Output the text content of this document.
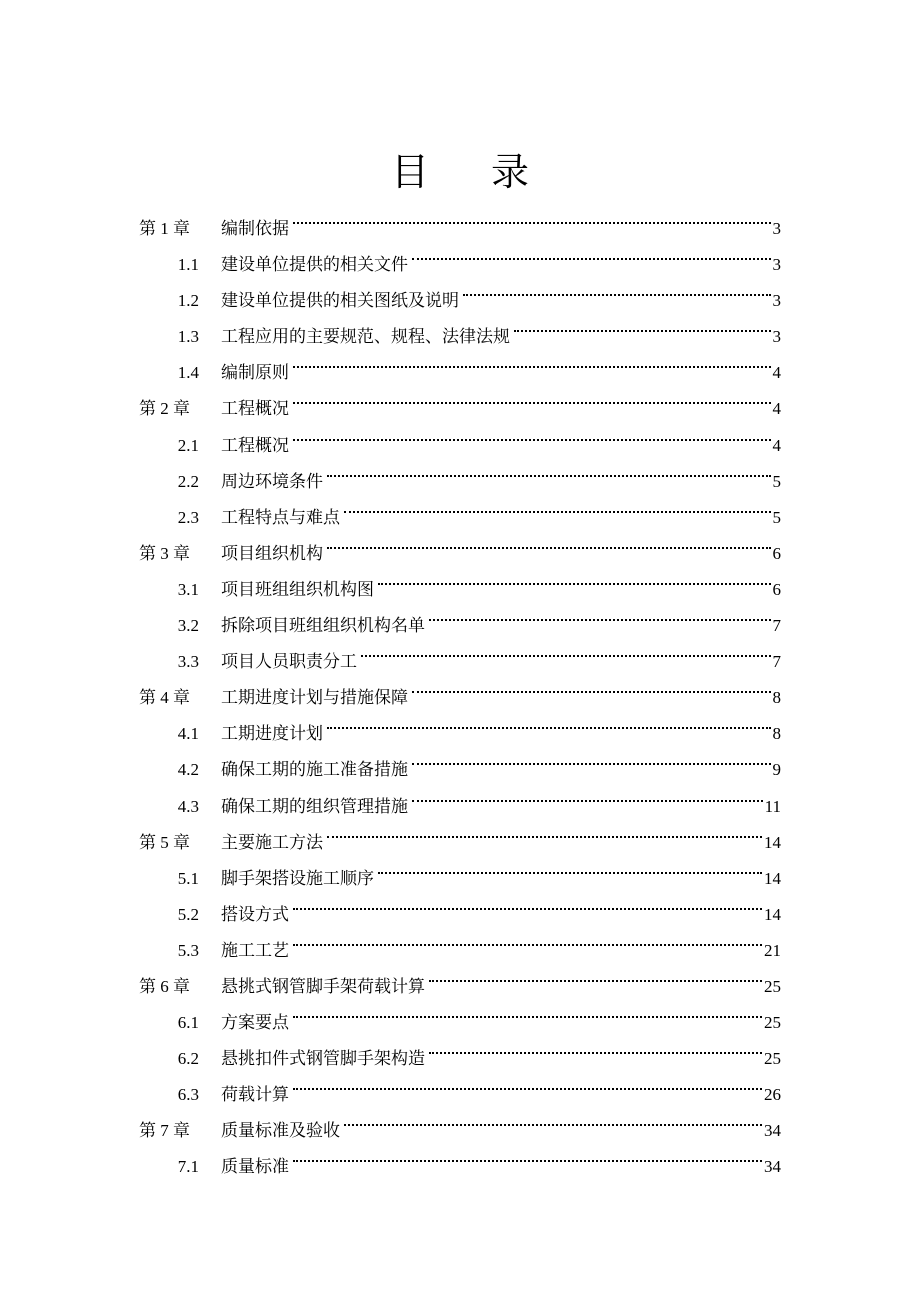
目 录
第 1 章	编制依据	3
1.1	建设单位提供的相关文件	3
1.2	建设单位提供的相关图纸及说明	3
1.3	工程应用的主要规范、规程、法律法规	3
1.4	编制原则	4
第 2 章	工程概况	4
2.1	工程概况	4
2.2	周边环境条件	5
2.3	工程特点与难点	5
第 3 章	项目组织机构	6
3.1	项目班组组织机构图	6
3.2	拆除项目班组组织机构名单	7
3.3	项目人员职责分工	7
第 4 章	工期进度计划与措施保障	8
4.1	工期进度计划	8
4.2	确保工期的施工准备措施	9
4.3	确保工期的组织管理措施	11
第 5 章	主要施工方法	14
5.1	脚手架搭设施工顺序	14
5.2	搭设方式	14
5.3	施工工艺	21
第 6 章	悬挑式钢管脚手架荷载计算	25
6.1	方案要点	25
6.2	悬挑扣件式钢管脚手架构造	25
6.3	荷载计算	26
第 7 章	质量标准及验收	34
7.1	质量标准	34
